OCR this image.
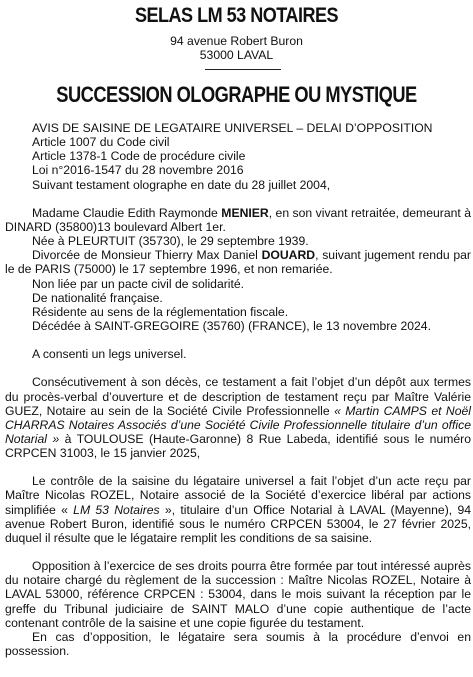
SELAS LM 53 NOTAIRES
94 avenue Robert Buron
53000 LAVAL
SUCCESSION OLOGRAPHE OU MYSTIQUE

AVIS DE SAISINE DE LEGATAIRE UNIVERSEL – DELAI D’OPPOSITION

Article 1007 du Code civil

Article 1378-1 Code de procédure civile

Loi n°2016-1547 du 28 novembre 2016

Suivant testament olographe en date du 28 juillet 2004,

Madame Claudie Edith Raymonde MENIER, en son vivant retraitée, demeurant à DINARD (35800)13 boulevard Albert 1er.

Née à PLEURTUIT (35730), le 29 septembre 1939.

Divorcée de Monsieur Thierry Max Daniel DOUARD, suivant jugement rendu par le de PARIS (75000) le 17 septembre 1996, et non remariée.

Non liée par un pacte civil de solidarité.

De nationalité française.

Résidente au sens de la réglementation fiscale.

Décédée à SAINT-GREGOIRE (35760) (FRANCE), le 13 novembre 2024.

A consenti un legs universel.

Consécutivement à son décès, ce testament a fait l’objet d’un dépôt aux termes du procès-verbal d’ouverture et de description de testament reçu par Maître Valérie GUEZ, Notaire au sein de la Société Civile Professionnelle « Martin CAMPS et Noël CHARRAS Notaires Associés d’une Société Civile Professionnelle titulaire d’un office Notarial » à TOULOUSE (Haute-Garonne) 8 Rue Labeda, identifié sous le numéro CRPCEN 31003, le 15 janvier 2025,

Le contrôle de la saisine du légataire universel a fait l’objet d’un acte reçu par Maître Nicolas ROZEL, Notaire associé de la Société d’exercice libéral par actions simplifiée « LM 53 Notaires », titulaire d’un Office Notarial à LAVAL (Mayenne), 94 avenue Robert Buron, identifié sous le numéro CRPCEN 53004, le 27 février 2025, duquel il résulte que le légataire remplit les conditions de sa saisine.

Opposition à l’exercice de ses droits pourra être formée par tout intéressé auprès du notaire chargé du règlement de la succession : Maître Nicolas ROZEL, Notaire à LAVAL 53000, référence CRPCEN : 53004, dans le mois suivant la réception par le greffe du Tribunal judiciaire de SAINT MALO d’une copie authentique de l’acte contenant contrôle de la saisine et une copie figurée du testament.

En cas d’opposition, le légataire sera soumis à la procédure d’envoi en possession.
